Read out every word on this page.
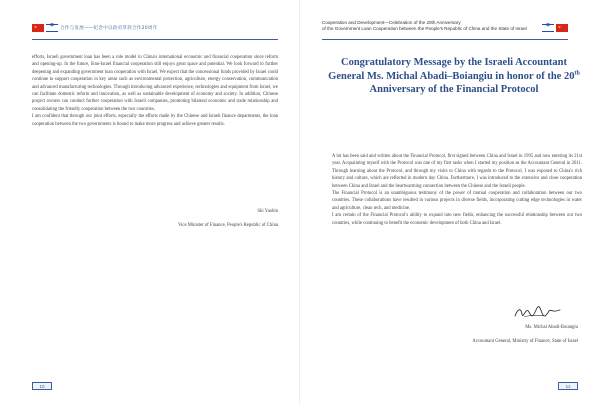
✡
合作与发展——纪念中以政府贷款合作20周年

efforts, Israeli government loan has been a role model in China's international economic and financial cooperation since reform and opening-up. In the future, Sino-Israel financial cooperation still enjoys great space and potential. We look forward to further deepening and expanding government loan cooperation with Israel. We expect that the concessional funds provided by Israel could continue to support cooperation in key areas such as environmental protection, agriculture, energy conservation, communication and advanced manufacturing technologies. Through introducing advanced experience, technologies and equipment from Israel, we can facilitate domestic reform and innovation, as well as sustainable development of economy and society. In addition, Chinese project owners can conduct further cooperation with Israeli companies, promoting bilateral economic and trade relationship and consolidating the friendly cooperation between the two countries.

I am confident that through our joint efforts, especially the efforts made by the Chinese and Israeli finance departments, the loan cooperation between the two governments is bound to make more progress and achieve greater results.

Shi Yaobin
Vice Minister of Finance, People's Republic of China
10
Cooperation and Development—Celebration of the 20th Anniversary
of the Government Loan Cooperation between the People's Republic of China and the State of Israel
✡
Congratulatory Message by the Israeli Accountant General Ms. Michal Abadi–Boiangiu in honor of the 20th Anniversary of the Financial Protocol

A lot has been said and written about the Financial Protocol, first signed between China and Israel in 1995 and now entering its 21st year. Acquainting myself with the Protocol was one of my first tasks when I started my position as the Accountant General in 2011. Through learning about the Protocol, and through my visits to China with regards to the Protocol, I was exposed to China's rich history and culture, which are reflected in modern day China. Furthermore, I was introduced to the extensive and close cooperation between China and Israel and the heartwarming connection between the Chinese and the Israeli people.

The Financial Protocol is an unambiguous testimony of the power of mutual cooperation and collaboration between our two countries. These collaborations have resulted in various projects in diverse fields, incorporating cutting edge technologies in water and agriculture, clean tech, and medicine.

I am certain of the Financial Protocol's ability to expand into new fields, enhancing the successful relationship between our two countries, while continuing to benefit the economic development of both China and Israel.

Ms. Michal Abadi-Boiangiu
Accountant General, Ministry of Finance, State of Israel
11
